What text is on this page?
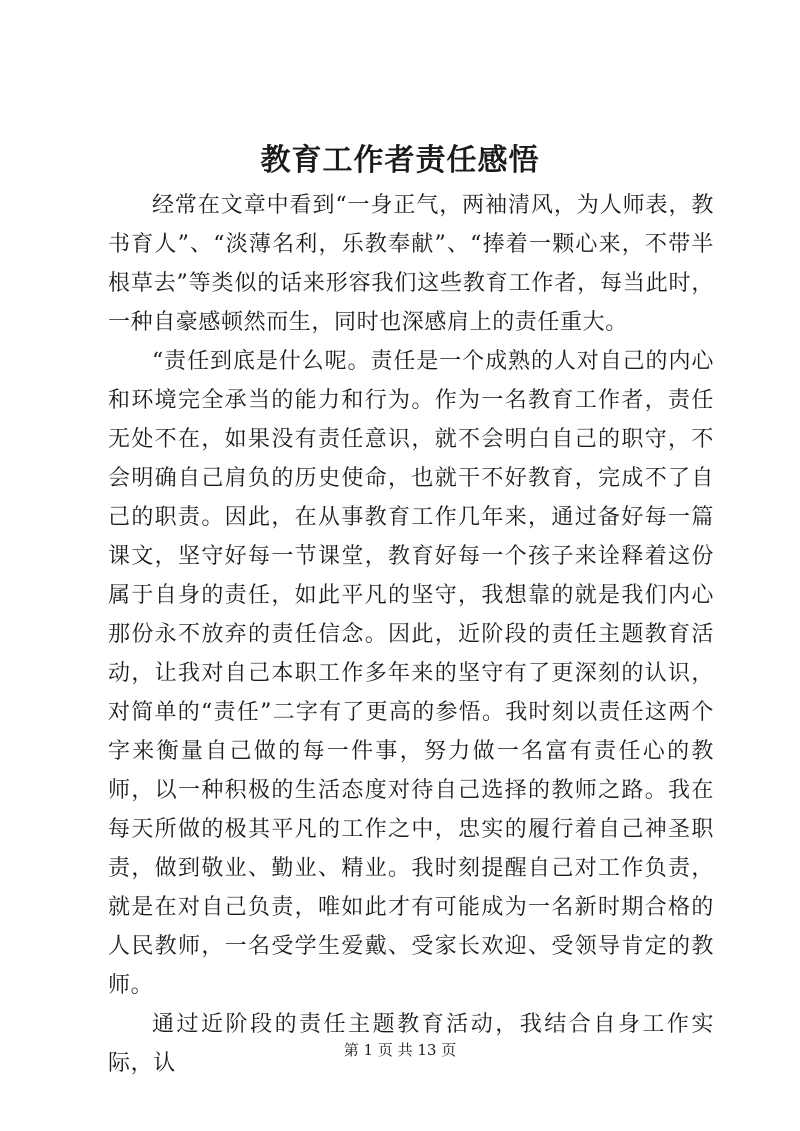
教育工作者责任感悟

经常在文章中看到“一身正气，两袖清风，为人师表，教书育人”、“淡薄名利，乐教奉献”、“捧着一颗心来，不带半根草去”等类似的话来形容我们这些教育工作者，每当此时，一种自豪感顿然而生，同时也深感肩上的责任重大。

“责任到底是什么呢。责任是一个成熟的人对自己的内心和环境完全承当的能力和行为。作为一名教育工作者，责任无处不在，如果没有责任意识，就不会明白自己的职守，不会明确自己肩负的历史使命，也就干不好教育，完成不了自己的职责。因此，在从事教育工作几年来，通过备好每一篇课文，坚守好每一节课堂，教育好每一个孩子来诠释着这份属于自身的责任，如此平凡的坚守，我想靠的就是我们内心那份永不放弃的责任信念。因此，近阶段的责任主题教育活动，让我对自己本职工作多年来的坚守有了更深刻的认识，对简单的“责任”二字有了更高的参悟。我时刻以责任这两个字来衡量自己做的每一件事，努力做一名富有责任心的教师，以一种积极的生活态度对待自己选择的教师之路。我在每天所做的极其平凡的工作之中，忠实的履行着自己神圣职责，做到敬业、勤业、精业。我时刻提醒自己对工作负责，就是在对自己负责，唯如此才有可能成为一名新时期合格的人民教师，一名受学生爱戴、受家长欢迎、受领导肯定的教师。

通过近阶段的责任主题教育活动，我结合自身工作实际，认

第 1 页 共 13 页
